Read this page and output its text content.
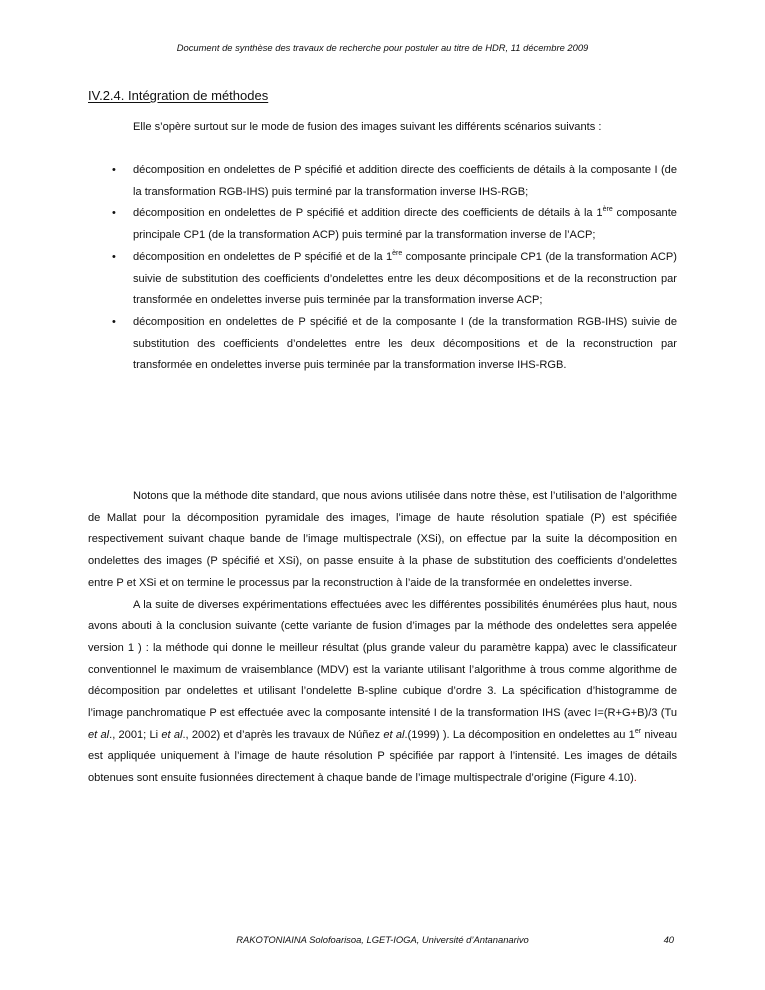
Document de synthèse des travaux de recherche pour postuler au titre de HDR, 11 décembre 2009
IV.2.4. Intégration de méthodes
Elle s’opère surtout sur le mode de fusion des images suivant les différents scénarios suivants :
• décomposition en ondelettes de P spécifié et addition directe des coefficients de détails à la composante I (de la transformation RGB-IHS) puis terminé par la transformation inverse IHS-RGB;
• décomposition en ondelettes de P spécifié et addition directe des coefficients de détails à la 1ère composante principale CP1 (de la transformation ACP) puis terminé par la transformation inverse de l’ACP;
• décomposition en ondelettes de P spécifié et de la 1ère composante principale CP1 (de la transformation ACP) suivie de substitution des coefficients d’ondelettes entre les deux décompositions et de la reconstruction par transformée en ondelettes inverse puis terminée par la transformation inverse ACP;
• décomposition en ondelettes de P spécifié et de la composante I (de la transformation RGB-IHS) suivie de substitution des coefficients d’ondelettes entre les deux décompositions et de la reconstruction par transformée en ondelettes inverse puis terminée par la transformation inverse IHS-RGB.

Notons que la méthode dite standard, que nous avions utilisée dans notre thèse, est l’utilisation de l’algorithme de Mallat pour la décomposition pyramidale des images, l’image de haute résolution spatiale (P) est spécifiée respectivement suivant chaque bande de l’image multispectrale (XSi), on effectue par la suite la décomposition en ondelettes des images (P spécifié et XSi), on passe ensuite à la phase de substitution des coefficients d’ondelettes entre P et XSi et on termine le processus par la reconstruction à l’aide de la transformée en ondelettes inverse.

A la suite de diverses expérimentations effectuées avec les différentes possibilités énumérées plus haut, nous avons abouti à la conclusion suivante (cette variante de fusion d’images par la méthode des ondelettes sera appelée version 1 ) : la méthode qui donne le meilleur résultat (plus grande valeur du paramètre kappa) avec le classificateur conventionnel le maximum de vraisemblance (MDV) est la variante utilisant l’algorithme à trous comme algorithme de décomposition par ondelettes et utilisant l’ondelette B-spline cubique d’ordre 3. La spécification d’histogramme de l’image panchromatique P est effectuée avec la composante intensité I de la transformation IHS (avec I=(R+G+B)/3 (Tu et al., 2001; Li et al., 2002) et d’après les travaux de Núñez et al.(1999) ). La décomposition en ondelettes au 1er niveau est appliquée uniquement à l’image de haute résolution P spécifiée par rapport à l’intensité. Les images de détails obtenues sont ensuite fusionnées directement à chaque bande de l’image multispectrale d’origine (Figure 4.10).

RAKOTONIAINA Solofoarisoa, LGET-IOGA, Université d’Antananarivo	40
